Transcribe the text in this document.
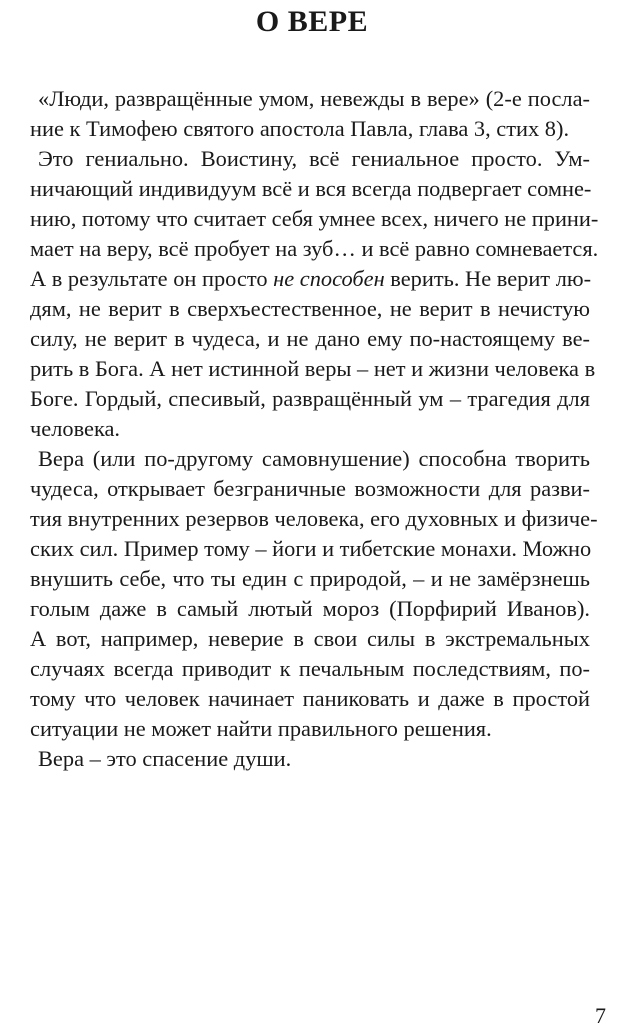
О ВЕРЕ
«Люди, развращённые умом, невежды в вере» (2-е посла-
ние к Тимофею святого апостола Павла, глава 3, стих 8).
Это гениально. Воистину, всё гениальное просто. Ум-
ничающий индивидуум всё и вся всегда подвергает сомне-
нию, потому что считает себя умнее всех, ничего не прини-
мает на веру, всё пробует на зуб… и всё равно сомневается.
А в результате он просто не способен верить. Не верит лю-
дям, не верит в сверхъестественное, не верит в нечистую
силу, не верит в чудеса, и не дано ему по-настоящему ве-
рить в Бога. А нет истинной веры – нет и жизни человека в
Боге. Гордый, спесивый, развращённый ум – трагедия для
человека.
Вера (или по-другому самовнушение) способна творить
чудеса, открывает безграничные возможности для разви-
тия внутренних резервов человека, его духовных и физиче-
ских сил. Пример тому – йоги и тибетские монахи. Можно
внушить себе, что ты един с природой, – и не замёрзнешь
голым даже в самый лютый мороз (Порфирий Иванов).
А вот, например, неверие в свои силы в экстремальных
случаях всегда приводит к печальным последствиям, по-
тому что человек начинает паниковать и даже в простой
ситуации не может найти правильного решения.
Вера – это спасение души.

7
